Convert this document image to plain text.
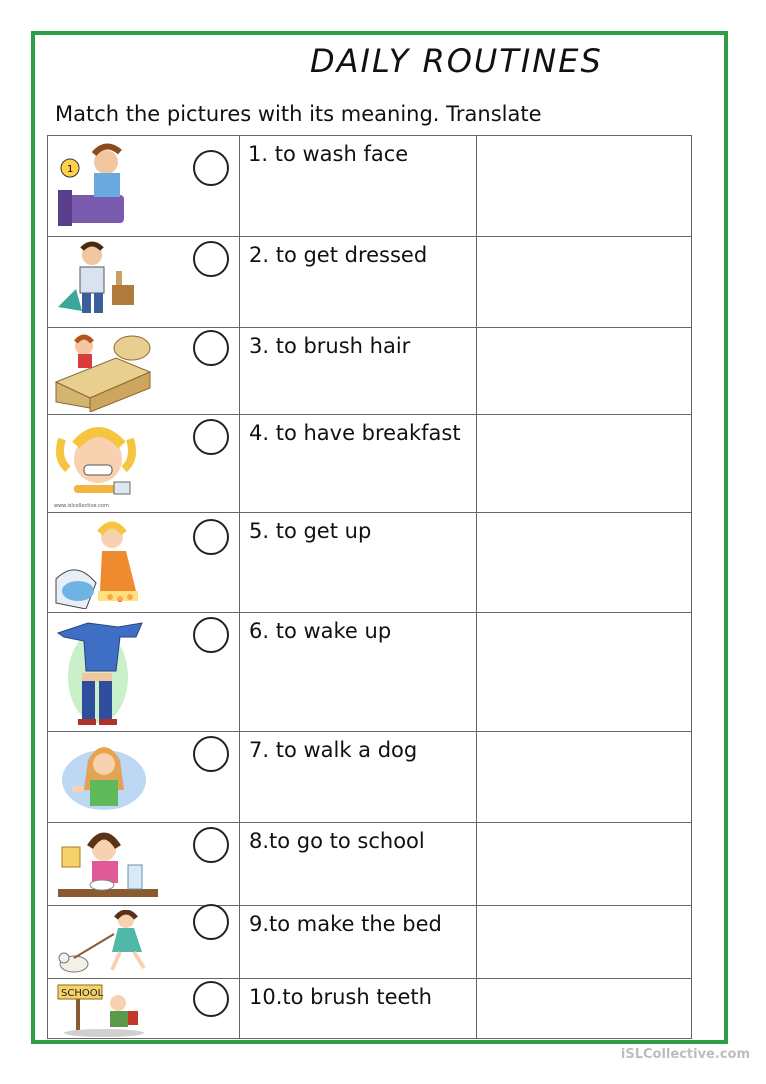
DAILY ROUTINES
Match the pictures with its meaning. Translate
1	1. to wash face	

2. to get dressed	

3. to brush hair	

www.islcollective.com	4. to have breakfast	

5. to get up	

6. to wake up	

7. to walk a dog	

8.to go to school	

9.to make the bed	

SCHOOL	10.to brush teeth	

iSLCollective.com
